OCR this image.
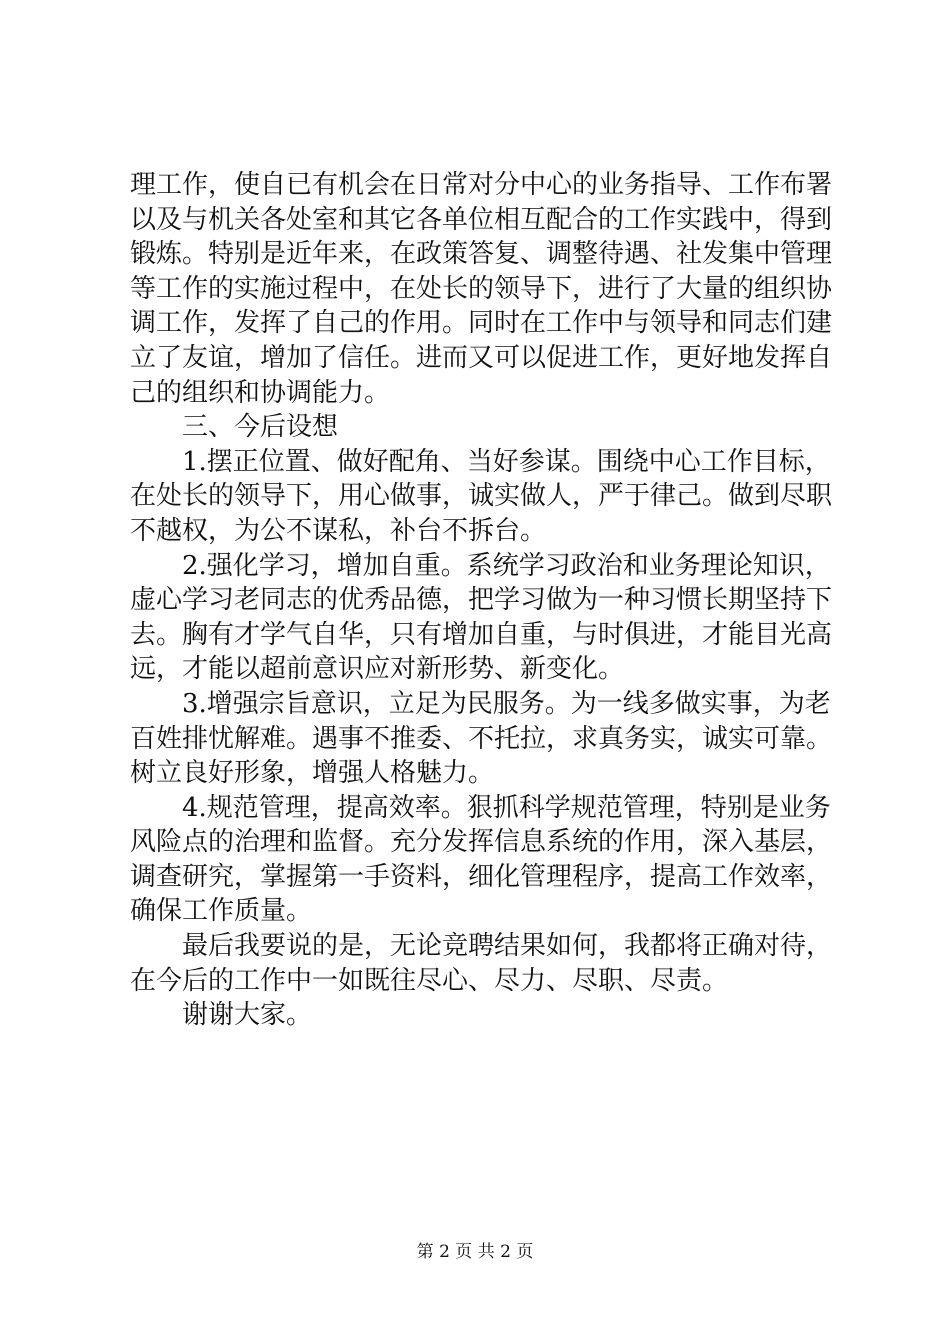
理工作，使自已有机会在日常对分中心的业务指导、工作布署
以及与机关各处室和其它各单位相互配合的工作实践中，得到
锻炼。特别是近年来，在政策答复、调整待遇、社发集中管理
等工作的实施过程中，在处长的领导下，进行了大量的组织协
调工作，发挥了自己的作用。同时在工作中与领导和同志们建
立了友谊，增加了信任。进而又可以促进工作，更好地发挥自
己的组织和协调能力。
三、今后设想
1.摆正位置、做好配角、当好参谋。围绕中心工作目标，
在处长的领导下，用心做事，诚实做人，严于律己。做到尽职
不越权，为公不谋私，补台不拆台。
2.强化学习，增加自重。系统学习政治和业务理论知识，
虚心学习老同志的优秀品德，把学习做为一种习惯长期坚持下
去。胸有才学气自华，只有增加自重，与时俱进，才能目光高
远，才能以超前意识应对新形势、新变化。
3.增强宗旨意识，立足为民服务。为一线多做实事，为老
百姓排忧解难。遇事不推委、不托拉，求真务实，诚实可靠。
树立良好形象，增强人格魅力。
4.规范管理，提高效率。狠抓科学规范管理，特别是业务
风险点的治理和监督。充分发挥信息系统的作用，深入基层，
调查研究，掌握第一手资料，细化管理程序，提高工作效率，
确保工作质量。
最后我要说的是，无论竞聘结果如何，我都将正确对待，
在今后的工作中一如既往尽心、尽力、尽职、尽责。
谢谢大家。
第 2 页 共 2 页
